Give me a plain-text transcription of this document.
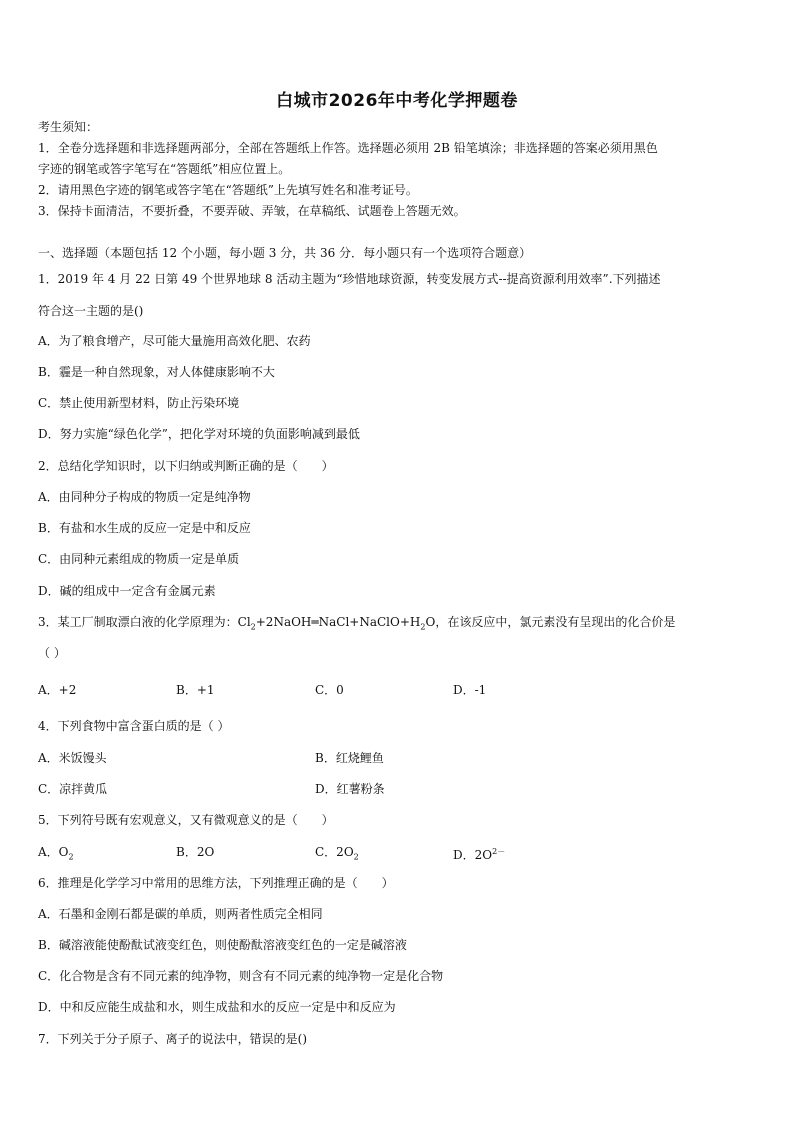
白城市2026年中考化学押题卷
考生须知：
1．全卷分选择题和非选择题两部分，全部在答题纸上作答。选择题必须用 2B 铅笔填涂；非选择题的答案必须用黑色
字迹的钢笔或答字笔写在“答题纸”相应位置上。
2．请用黑色字迹的钢笔或答字笔在“答题纸”上先填写姓名和准考证号。
3．保持卡面清洁，不要折叠，不要弄破、弄皱，在草稿纸、试题卷上答题无效。
一、选择题（本题包括 12 个小题，每小题 3 分，共 36 分．每小题只有一个选项符合题意）
1．2019 年 4 月 22 日第 49 个世界地球 8 活动主题为“珍惜地球资源，转变发展方式--提高资源利用效率”.下列描述
符合这一主题的是()
A．为了粮食增产，尽可能大量施用高效化肥、农药
B．霾是一种自然现象，对人体健康影响不大
C．禁止使用新型材料，防止污染环境
D．努力实施“绿色化学”，把化学对环境的负面影响减到最低
2．总结化学知识时，以下归纳或判断正确的是（　　）
A．由同种分子构成的物质一定是纯净物
B．有盐和水生成的反应一定是中和反应
C．由同种元素组成的物质一定是单质
D．碱的组成中一定含有金属元素
3．某工厂制取漂白液的化学原理为：$Cl_2+2NaOH═NaCl+NaClO+H_2O$，在该反应中，氯元素没有呈现出的化合价是
（ ）
A．+2	B．+1	C．0	D．-1
4．下列食物中富含蛋白质的是（ ）
A．米饭馒头	B．红烧鲤鱼
C．凉拌黄瓜	D．红薯粉条
5．下列符号既有宏观意义，又有微观意义的是（　　）
A．$O_2$	B．2O	C．$2O_2$	D．$2O^{2-}$
6．推理是化学学习中常用的思维方法，下列推理正确的是（　　）
A．石墨和金刚石都是碳的单质，则两者性质完全相同
B．碱溶液能使酚酞试液变红色，则使酚酞溶液变红色的一定是碱溶液
C．化合物是含有不同元素的纯净物，则含有不同元素的纯净物一定是化合物
D．中和反应能生成盐和水，则生成盐和水的反应一定是中和反应为
7．下列关于分子原子、离子的说法中，错误的是()
